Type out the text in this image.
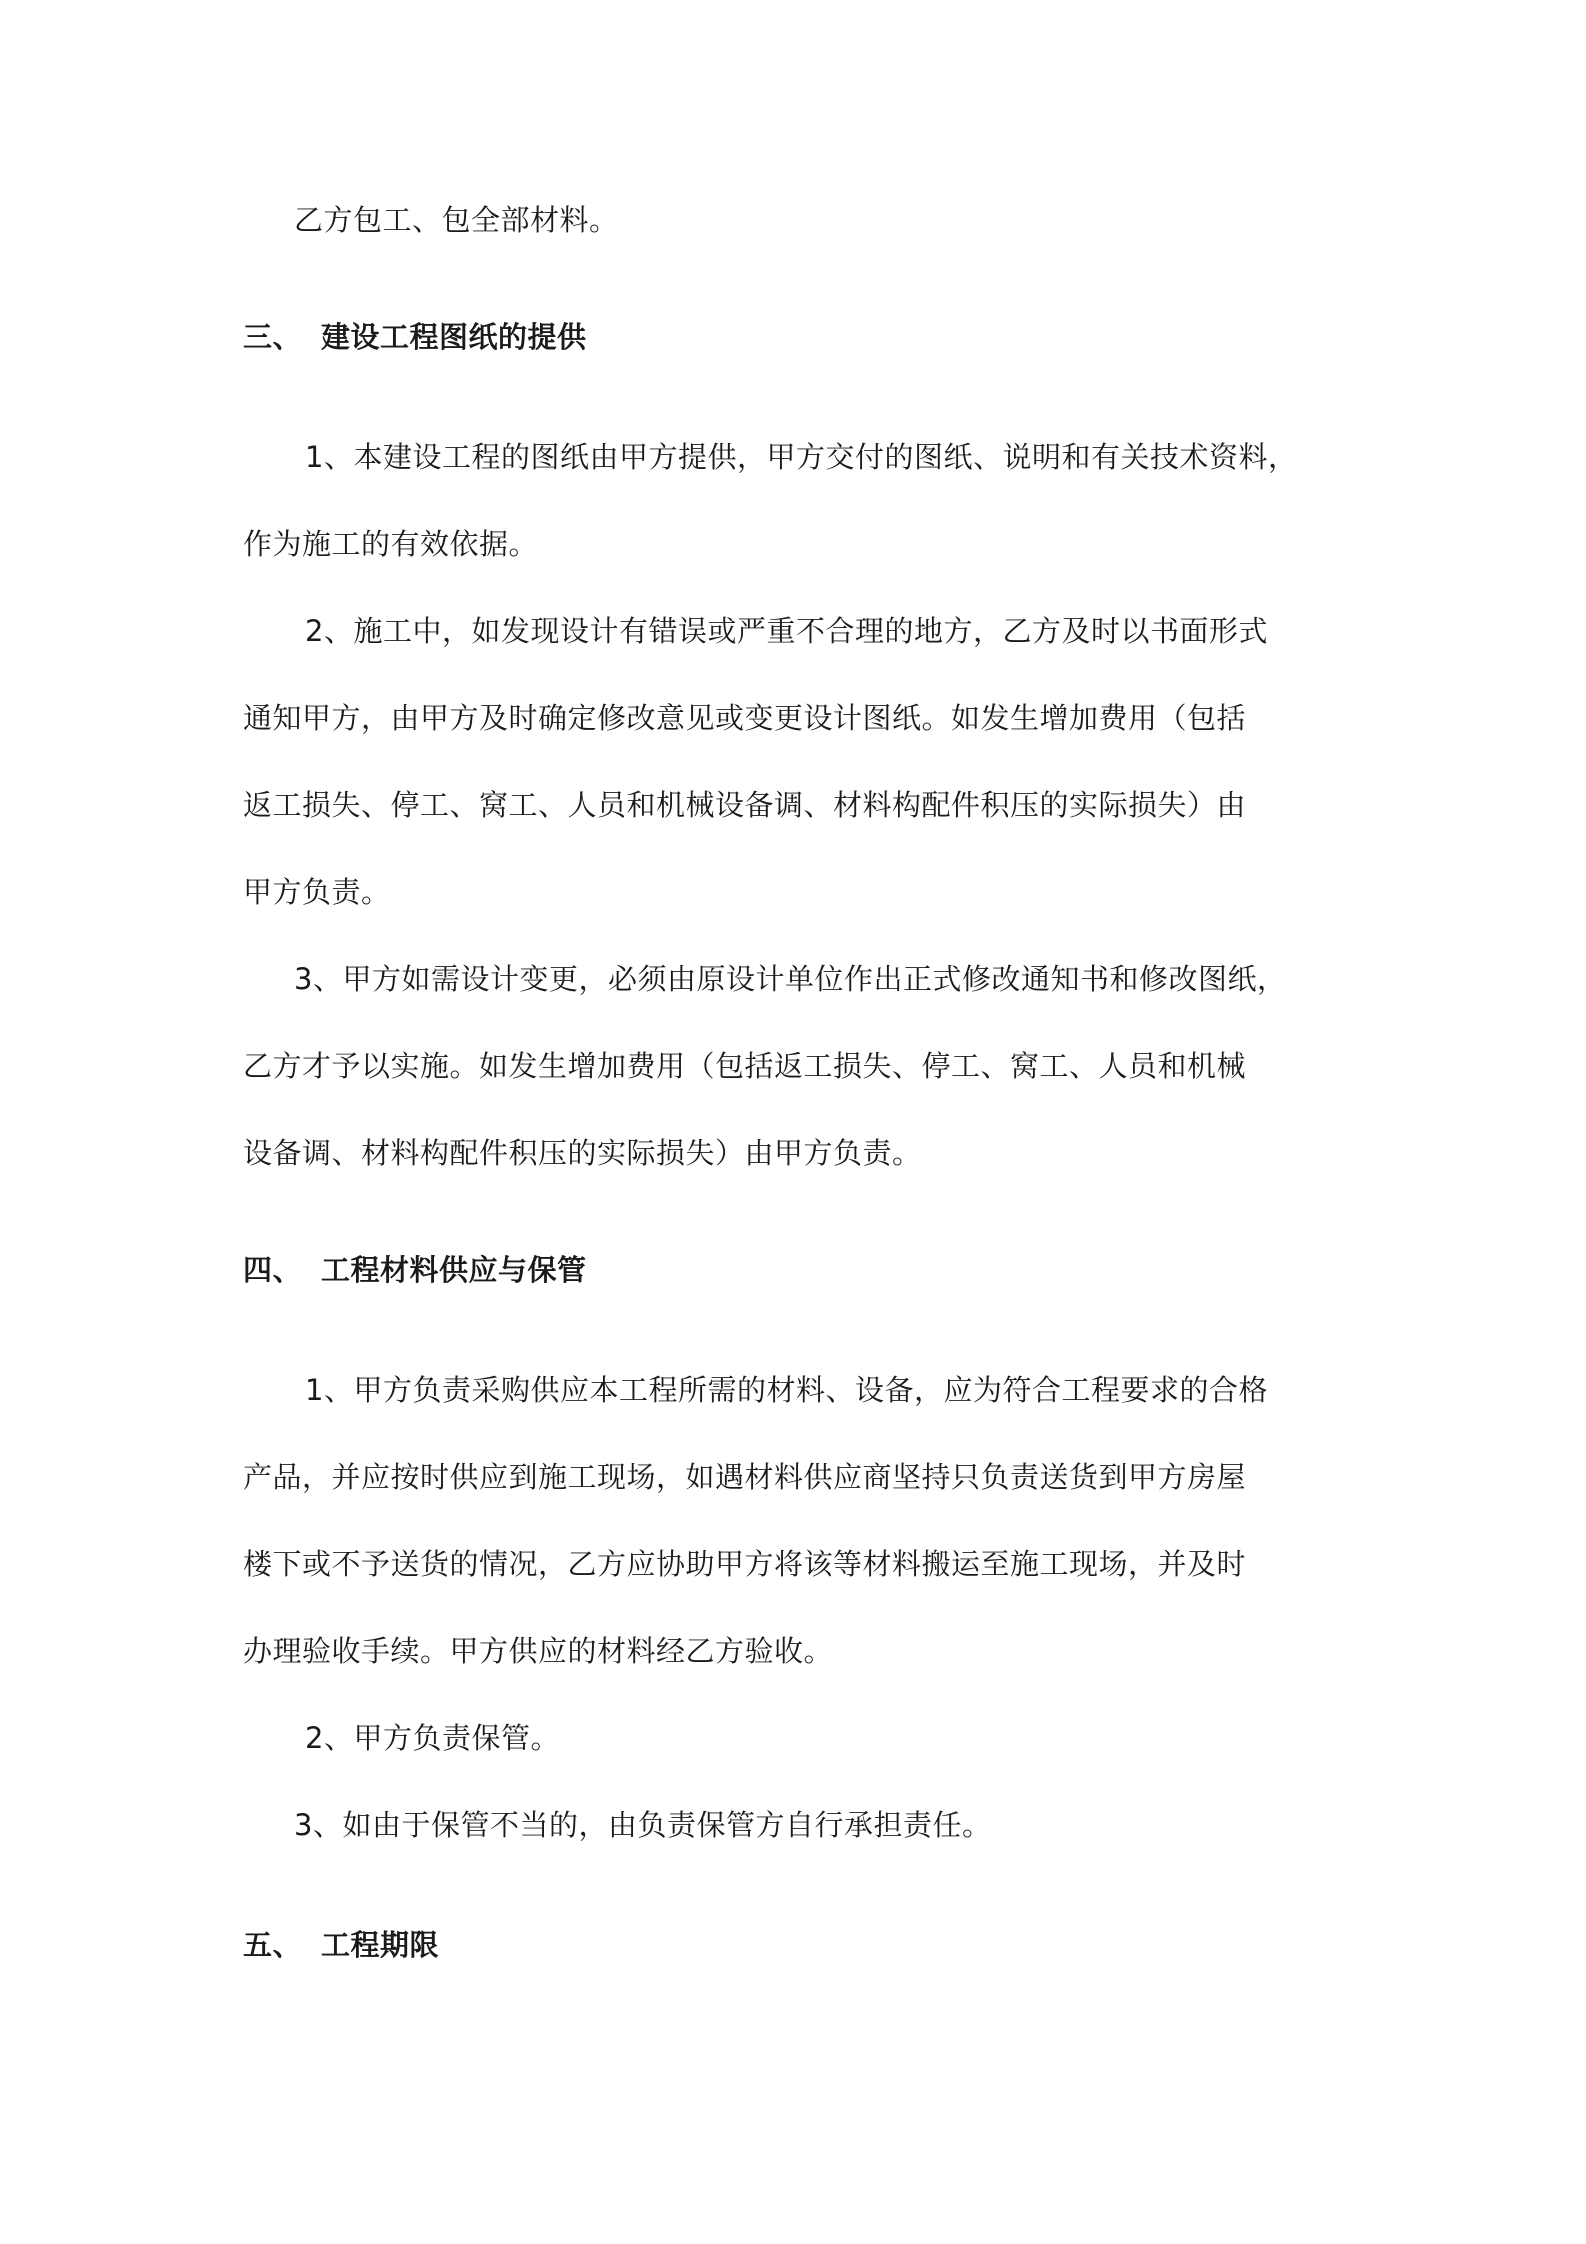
乙方包工、包全部材料。
三、 建设工程图纸的提供
1、本建设工程的图纸由甲方提供，甲方交付的图纸、说明和有关技术资料，
作为施工的有效依据。
2、施工中，如发现设计有错误或严重不合理的地方，乙方及时以书面形式
通知甲方，由甲方及时确定修改意见或变更设计图纸。如发生增加费用（包括
返工损失、停工、窝工、人员和机械设备调、材料构配件积压的实际损失）由
甲方负责。
3、甲方如需设计变更，必须由原设计单位作出正式修改通知书和修改图纸，
乙方才予以实施。如发生增加费用（包括返工损失、停工、窝工、人员和机械
设备调、材料构配件积压的实际损失）由甲方负责。
四、 工程材料供应与保管
1、甲方负责采购供应本工程所需的材料、设备，应为符合工程要求的合格
产品，并应按时供应到施工现场，如遇材料供应商坚持只负责送货到甲方房屋
楼下或不予送货的情况，乙方应协助甲方将该等材料搬运至施工现场，并及时
办理验收手续。甲方供应的材料经乙方验收。
2、甲方负责保管。
3、如由于保管不当的，由负责保管方自行承担责任。
五、 工程期限
